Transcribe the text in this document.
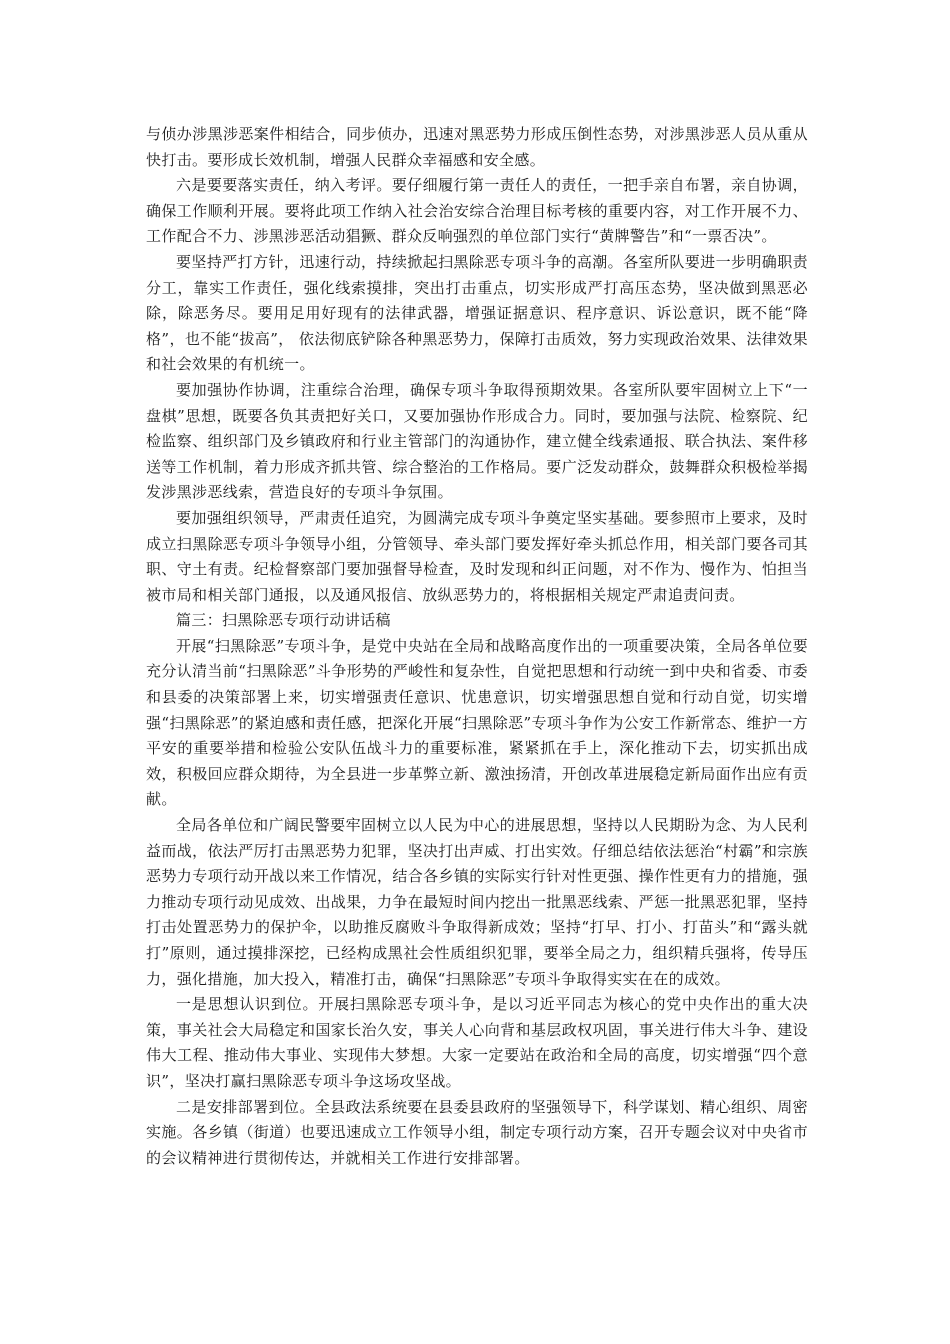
与侦办涉黑涉恶案件相结合，同步侦办，迅速对黑恶势力形成压倒性态势，对涉黑涉恶人员从重从快打击。要形成长效机制，增强人民群众幸福感和安全感。

六是要要落实责任，纳入考评。要仔细履行第一责任人的责任，一把手亲自布署，亲自协调，确保工作顺利开展。要将此项工作纳入社会治安综合治理目标考核的重要内容，对工作开展不力、工作配合不力、涉黑涉恶活动猖獗、群众反响强烈的单位部门实行“黄牌警告”和“一票否决”。

要坚持严打方针，迅速行动，持续掀起扫黑除恶专项斗争的高潮。各室所队要进一步明确职责分工，靠实工作责任，强化线索摸排，突出打击重点，切实形成严打高压态势，坚决做到黑恶必除，除恶务尽。要用足用好现有的法律武器，增强证据意识、程序意识、诉讼意识，既不能“降格”，也不能“拔高”， 依法彻底铲除各种黑恶势力，保障打击质效，努力实现政治效果、法律效果和社会效果的有机统一。

要加强协作协调，注重综合治理，确保专项斗争取得预期效果。各室所队要牢固树立上下“一盘棋”思想，既要各负其责把好关口，又要加强协作形成合力。同时，要加强与法院、检察院、纪检监察、组织部门及乡镇政府和行业主管部门的沟通协作，建立健全线索通报、联合执法、案件移送等工作机制，着力形成齐抓共管、综合整治的工作格局。要广泛发动群众，鼓舞群众积极检举揭发涉黑涉恶线索，营造良好的专项斗争氛围。

要加强组织领导，严肃责任追究，为圆满完成专项斗争奠定坚实基础。要参照市上要求，及时成立扫黑除恶专项斗争领导小组，分管领导、牵头部门要发挥好牵头抓总作用，相关部门要各司其职、守土有责。纪检督察部门要加强督导检查，及时发现和纠正问题，对不作为、慢作为、怕担当被市局和相关部门通报，以及通风报信、放纵恶势力的，将根据相关规定严肃追责问责。

篇三：扫黑除恶专项行动讲话稿

开展“扫黑除恶”专项斗争，是党中央站在全局和战略高度作出的一项重要决策，全局各单位要充分认清当前“扫黑除恶”斗争形势的严峻性和复杂性，自觉把思想和行动统一到中央和省委、市委和县委的决策部署上来，切实增强责任意识、忧患意识，切实增强思想自觉和行动自觉，切实增强“扫黑除恶”的紧迫感和责任感，把深化开展“扫黑除恶”专项斗争作为公安工作新常态、维护一方平安的重要举措和检验公安队伍战斗力的重要标准，紧紧抓在手上，深化推动下去，切实抓出成效，积极回应群众期待，为全县进一步革弊立新、激浊扬清，开创改革进展稳定新局面作出应有贡献。

全局各单位和广阔民警要牢固树立以人民为中心的进展思想，坚持以人民期盼为念、为人民利益而战，依法严厉打击黑恶势力犯罪，坚决打出声威、打出实效。仔细总结依法惩治“村霸”和宗族恶势力专项行动开战以来工作情况，结合各乡镇的实际实行针对性更强、操作性更有力的措施，强力推动专项行动见成效、出战果，力争在最短时间内挖出一批黑恶线索、严惩一批黑恶犯罪，坚持打击处置恶势力的保护伞，以助推反腐败斗争取得新成效；坚持“打早、打小、打苗头”和“露头就打”原则，通过摸排深挖，已经构成黑社会性质组织犯罪，要举全局之力，组织精兵强将，传导压力，强化措施，加大投入，精准打击，确保“扫黑除恶”专项斗争取得实实在在的成效。

一是思想认识到位。开展扫黑除恶专项斗争，是以习近平同志为核心的党中央作出的重大决策，事关社会大局稳定和国家长治久安，事关人心向背和基层政权巩固，事关进行伟大斗争、建设伟大工程、推动伟大事业、实现伟大梦想。大家一定要站在政治和全局的高度，切实增强“四个意识”，坚决打赢扫黑除恶专项斗争这场攻坚战。

二是安排部署到位。全县政法系统要在县委县政府的坚强领导下，科学谋划、精心组织、周密实施。各乡镇（街道）也要迅速成立工作领导小组，制定专项行动方案，召开专题会议对中央省市的会议精神进行贯彻传达，并就相关工作进行安排部署。
